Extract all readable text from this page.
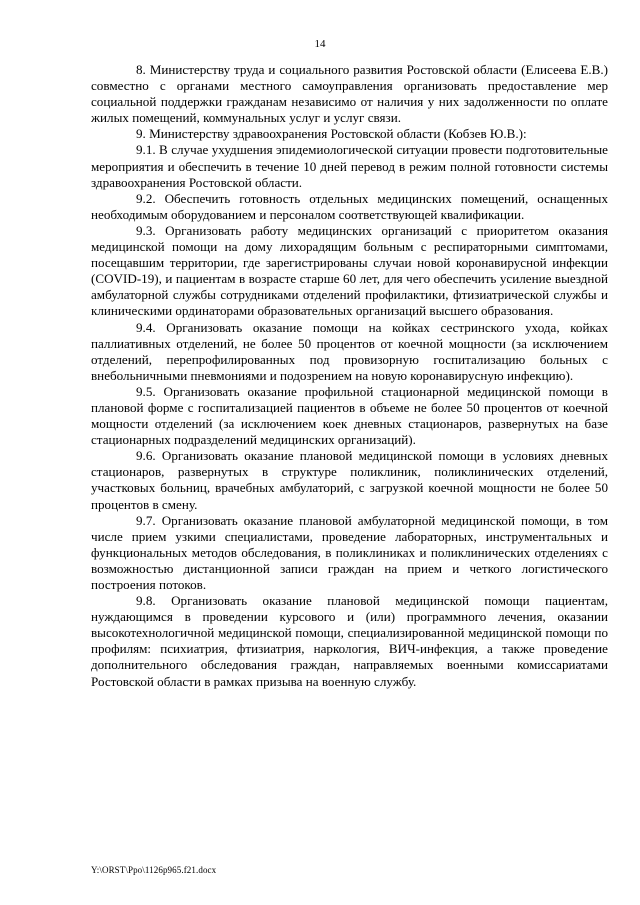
14

8. Министерству труда и социального развития Ростовской области (Елисеева Е.В.) совместно с органами местного самоуправления организовать предоставление мер социальной поддержки гражданам независимо от наличия у них задолженности по оплате жилых помещений, коммунальных услуг и услуг связи.

9. Министерству здравоохранения Ростовской области (Кобзев Ю.В.):

9.1. В случае ухудшения эпидемиологической ситуации провести подготовительные мероприятия и обеспечить в течение 10 дней перевод в режим полной готовности системы здравоохранения Ростовской области.

9.2. Обеспечить готовность отдельных медицинских помещений, оснащенных необходимым оборудованием и персоналом соответствующей квалификации.

9.3. Организовать работу медицинских организаций с приоритетом оказания медицинской помощи на дому лихорадящим больным с респираторными симптомами, посещавшим территории, где зарегистрированы случаи новой коронавирусной инфекции (COVID-19), и пациентам в возрасте старше 60 лет, для чего обеспечить усиление выездной амбулаторной службы сотрудниками отделений профилактики, фтизиатрической службы и клиническими ординаторами образовательных организаций высшего образования.

9.4. Организовать оказание помощи на койках сестринского ухода, койках паллиативных отделений, не более 50 процентов от коечной мощности (за исключением отделений, перепрофилированных под провизорную госпитализацию больных с внебольничными пневмониями и подозрением на новую коронавирусную инфекцию).

9.5. Организовать оказание профильной стационарной медицинской помощи в плановой форме с госпитализацией пациентов в объеме не более 50 процентов от коечной мощности отделений (за исключением коек дневных стационаров, развернутых на базе стационарных подразделений медицинских организаций).

9.6. Организовать оказание плановой медицинской помощи в условиях дневных стационаров, развернутых в структуре поликлиник, поликлинических отделений, участковых больниц, врачебных амбулаторий, с загрузкой коечной мощности не более 50 процентов в смену.

9.7. Организовать оказание плановой амбулаторной медицинской помощи, в том числе прием узкими специалистами, проведение лабораторных, инструментальных и функциональных методов обследования, в поликлиниках и поликлинических отделениях с возможностью дистанционной записи граждан на прием и четкого логистического построения потоков.

9.8. Организовать оказание плановой медицинской помощи пациентам, нуждающимся в проведении курсового и (или) программного лечения, оказании высокотехнологичной медицинской помощи, специализированной медицинской помощи по профилям: психиатрия, фтизиатрия, наркология, ВИЧ-инфекция, а также проведение дополнительного обследования граждан, направляемых военными комиссариатами Ростовской области в рамках призыва на военную службу.

Y:\ORST\Ppo\1126p965.f21.docx
